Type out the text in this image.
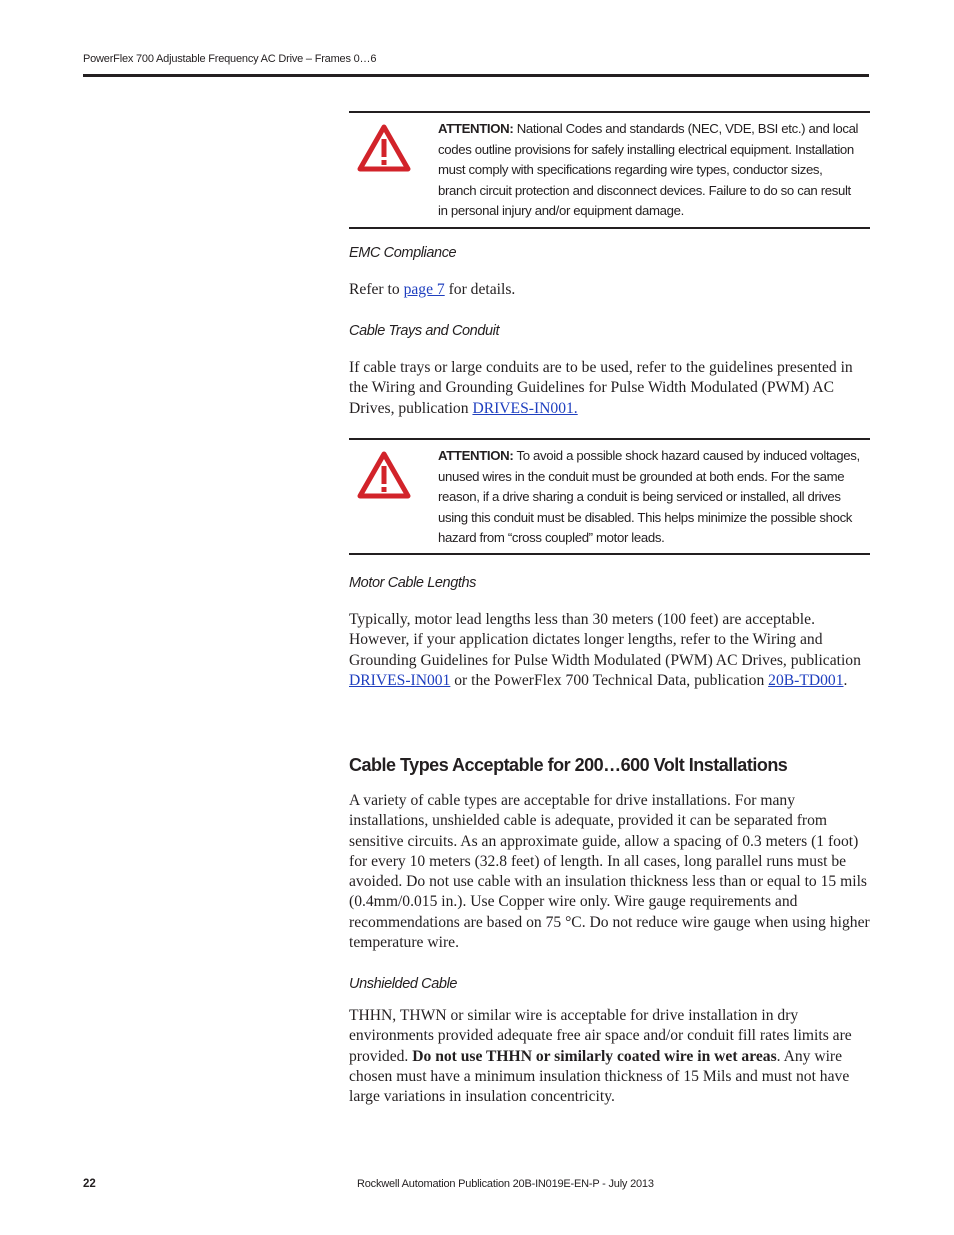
PowerFlex 700 Adjustable Frequency AC Drive – Frames 0…6
ATTENTION: National Codes and standards (NEC, VDE, BSI etc.) and local codes outline provisions for safely installing electrical equipment. Installation must comply with specifications regarding wire types, conductor sizes, branch circuit protection and disconnect devices. Failure to do so can result in personal injury and/or equipment damage.
EMC Compliance
Refer to page 7 for details.
Cable Trays and Conduit
If cable trays or large conduits are to be used, refer to the guidelines presented in the Wiring and Grounding Guidelines for Pulse Width Modulated (PWM) AC Drives, publication DRIVES-IN001.
ATTENTION: To avoid a possible shock hazard caused by induced voltages, unused wires in the conduit must be grounded at both ends. For the same reason, if a drive sharing a conduit is being serviced or installed, all drives using this conduit must be disabled. This helps minimize the possible shock hazard from “cross coupled” motor leads.
Motor Cable Lengths
Typically, motor lead lengths less than 30 meters (100 feet) are acceptable. However, if your application dictates longer lengths, refer to the Wiring and Grounding Guidelines for Pulse Width Modulated (PWM) AC Drives, publication DRIVES-IN001 or the PowerFlex 700 Technical Data, publication 20B-TD001.
Cable Types Acceptable for 200…600 Volt Installations
A variety of cable types are acceptable for drive installations. For many installations, unshielded cable is adequate, provided it can be separated from sensitive circuits. As an approximate guide, allow a spacing of 0.3 meters (1 foot) for every 10 meters (32.8 feet) of length. In all cases, long parallel runs must be avoided. Do not use cable with an insulation thickness less than or equal to 15 mils (0.4mm/0.015 in.). Use Copper wire only. Wire gauge requirements and recommendations are based on 75 °C. Do not reduce wire gauge when using higher temperature wire.
Unshielded Cable
THHN, THWN or similar wire is acceptable for drive installation in dry environments provided adequate free air space and/or conduit fill rates limits are provided. Do not use THHN or similarly coated wire in wet areas. Any wire chosen must have a minimum insulation thickness of 15 Mils and must not have large variations in insulation concentricity.
22	Rockwell Automation Publication 20B-IN019E-EN-P - July 2013
